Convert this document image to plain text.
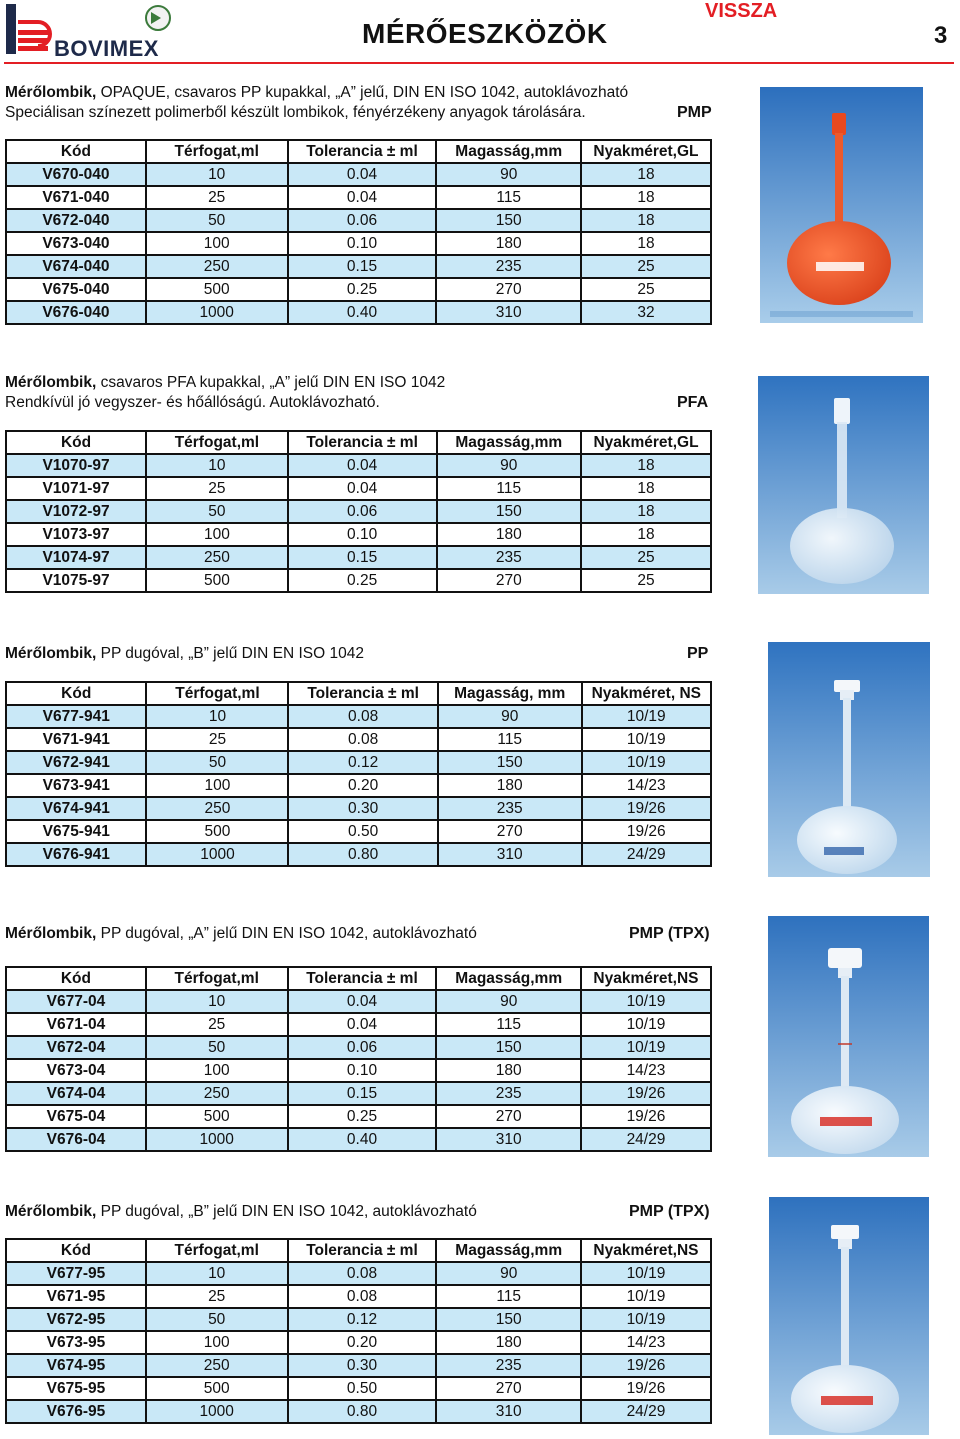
BOVIMEX	MÉRŐESZKÖZÖK
VISSZA
3
Mérőlombik, OPAQUE, csavaros PP kupakkal, „A” jelű, DIN EN ISO 1042, autoklávozható
Speciálisan színezett polimerből készült lombikok, fényérzékeny anyagok tárolására.	PMP
Kód	Térfogat,ml	Tolerancia ± ml	Magasság,mm	Nyakméret,GL
V670-040	10	0.04	90	18
V671-040	25	0.04	115	18
V672-040	50	0.06	150	18
V673-040	100	0.10	180	18
V674-040	250	0.15	235	25
V675-040	500	0.25	270	25
V676-040	1000	0.40	310	32
Mérőlombik, csavaros PFA kupakkal, „A” jelű DIN EN ISO 1042
Rendkívül jó vegyszer- és hőállóságú. Autoklávozható.	PFA
Kód	Térfogat,ml	Tolerancia ± ml	Magasság,mm	Nyakméret,GL
V1070-97	10	0.04	90	18
V1071-97	25	0.04	115	18
V1072-97	50	0.06	150	18
V1073-97	100	0.10	180	18
V1074-97	250	0.15	235	25
V1075-97	500	0.25	270	25
Mérőlombik, PP dugóval, „B” jelű DIN EN ISO 1042	PP
Kód	Térfogat,ml	Tolerancia ± ml	Magasság, mm	Nyakméret, NS
V677-941	10	0.08	90	10/19
V671-941	25	0.08	115	10/19
V672-941	50	0.12	150	10/19
V673-941	100	0.20	180	14/23
V674-941	250	0.30	235	19/26
V675-941	500	0.50	270	19/26
V676-941	1000	0.80	310	24/29
Mérőlombik, PP dugóval, „A” jelű DIN EN ISO 1042, autoklávozható	PMP (TPX)
Kód	Térfogat,ml	Tolerancia ± ml	Magasság,mm	Nyakméret,NS
V677-04	10	0.04	90	10/19
V671-04	25	0.04	115	10/19
V672-04	50	0.06	150	10/19
V673-04	100	0.10	180	14/23
V674-04	250	0.15	235	19/26
V675-04	500	0.25	270	19/26
V676-04	1000	0.40	310	24/29
Mérőlombik, PP dugóval, „B” jelű DIN EN ISO 1042, autoklávozható	PMP (TPX)
Kód	Térfogat,ml	Tolerancia ± ml	Magasság,mm	Nyakméret,NS
V677-95	10	0.08	90	10/19
V671-95	25	0.08	115	10/19
V672-95	50	0.12	150	10/19
V673-95	100	0.20	180	14/23
V674-95	250	0.30	235	19/26
V675-95	500	0.50	270	19/26
V676-95	1000	0.80	310	24/29
